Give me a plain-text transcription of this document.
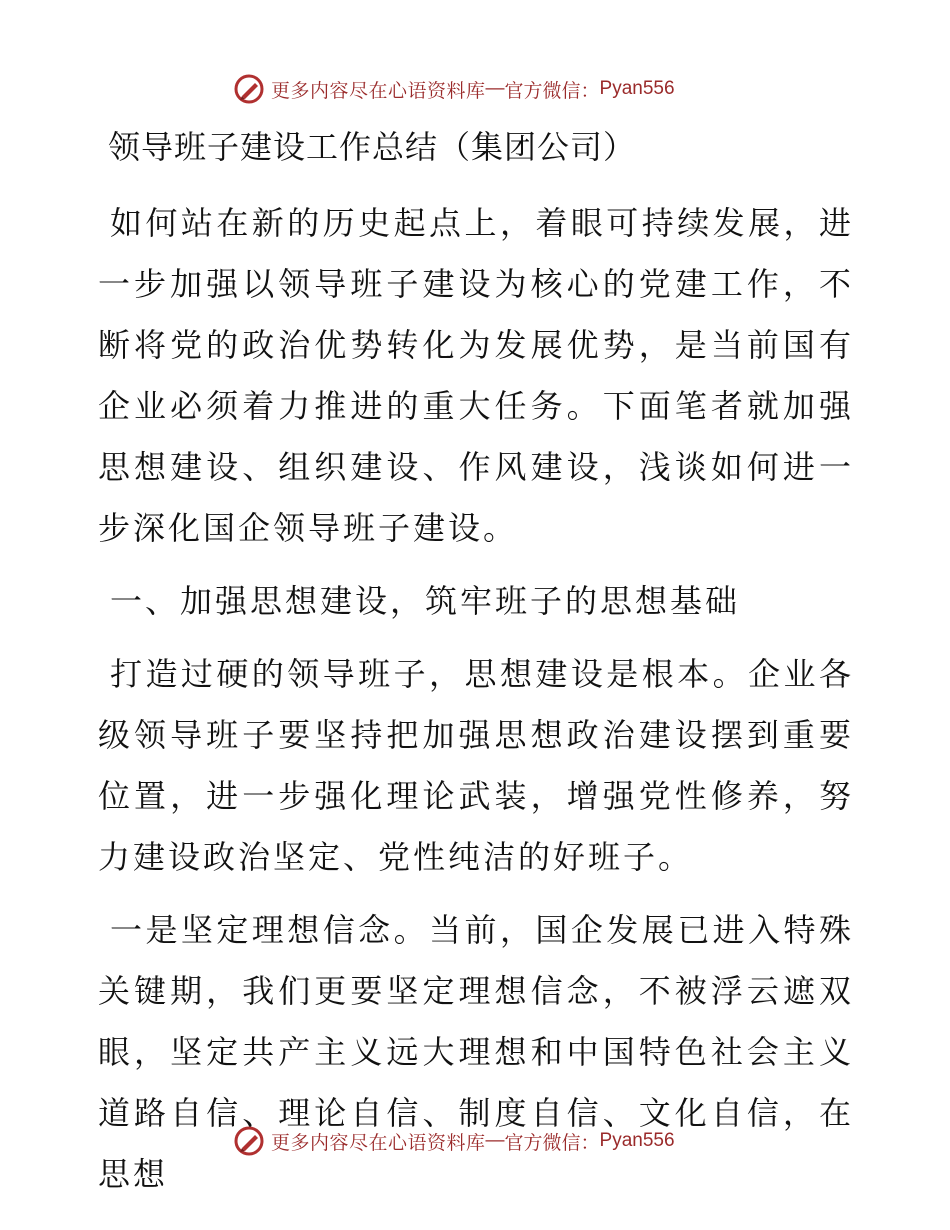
更多内容尽在心语资料库 — 官方微信： Pyan556
领导班子建设工作总结（集团公司）

如何站在新的历史起点上，着眼可持续发展，进一步加强以领导班子建设为核心的党建工作，不断将党的政治优势转化为发展优势，是当前国有企业必须着力推进的重大任务。下面笔者就加强思想建设、组织建设、作风建设，浅谈如何进一步深化国企领导班子建设。

一、加强思想建设，筑牢班子的思想基础

打造过硬的领导班子，思想建设是根本。企业各级领导班子要坚持把加强思想政治建设摆到重要位置，进一步强化理论武装，增强党性修养，努力建设政治坚定、党性纯洁的好班子。

一是坚定理想信念。当前，国企发展已进入特殊关键期，我们更要坚定理想信念，不被浮云遮双眼，坚定共产主义远大理想和中国特色社会主义道路自信、理论自信、制度自信、文化自信，在思想

更多内容尽在心语资料库 — 官方微信： Pyan556
